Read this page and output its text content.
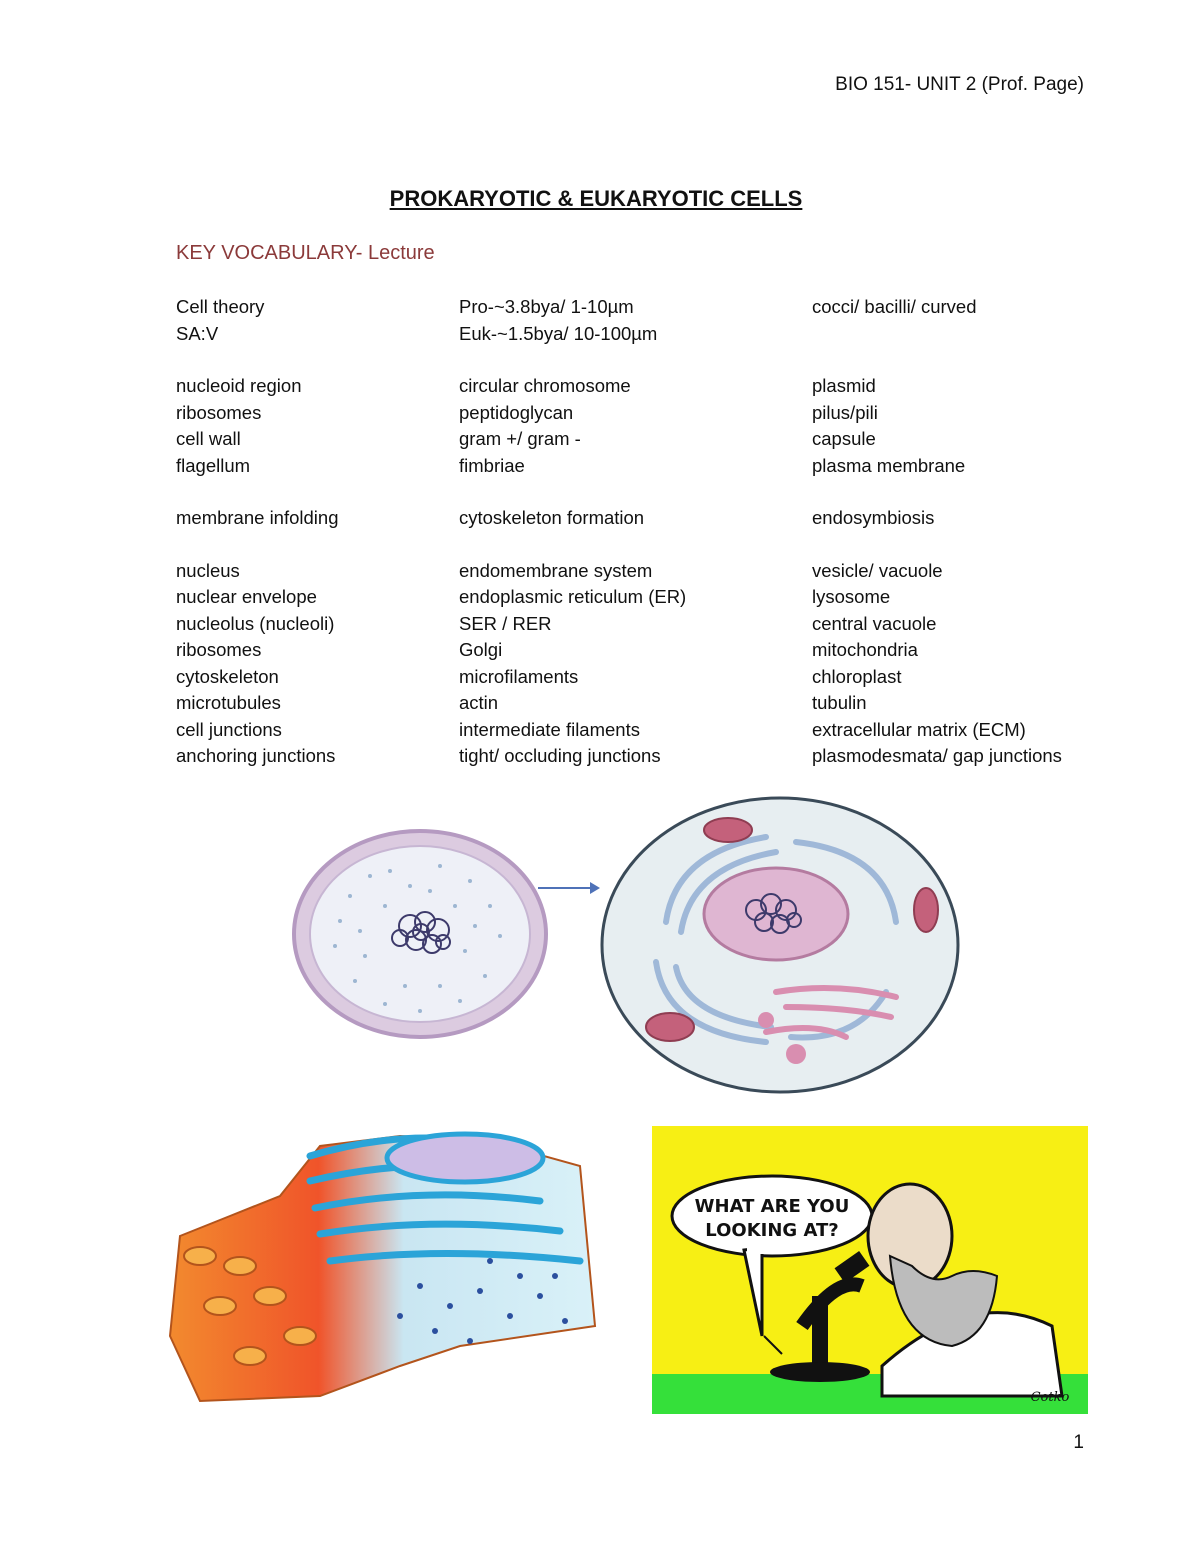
BIO 151- UNIT 2 (Prof. Page)
PROKARYOTIC & EUKARYOTIC CELLS
KEY VOCABULARY- Lecture
Cell theory	Pro-~3.8bya/ 1-10µm	cocci/ bacilli/ curved
SA:V	Euk-~1.5bya/ 10-100µm
nucleoid region	circular chromosome	plasmid
ribosomes	peptidoglycan	pilus/pili
cell wall	gram +/ gram -	capsule
flagellum	fimbriae	plasma membrane
membrane infolding	cytoskeleton formation	endosymbiosis
nucleus	endomembrane system	vesicle/ vacuole
nuclear envelope	endoplasmic reticulum (ER)	lysosome
nucleolus (nucleoli)	SER / RER	central vacuole
ribosomes	Golgi	mitochondria
cytoskeleton	microfilaments	chloroplast
microtubules	actin	tubulin
cell junctions	intermediate filaments	extracellular matrix (ECM)
anchoring junctions	tight/ occluding junctions	plasmodesmata/ gap junctions
WHAT ARE YOU
LOOKING AT?
Cotko
1
